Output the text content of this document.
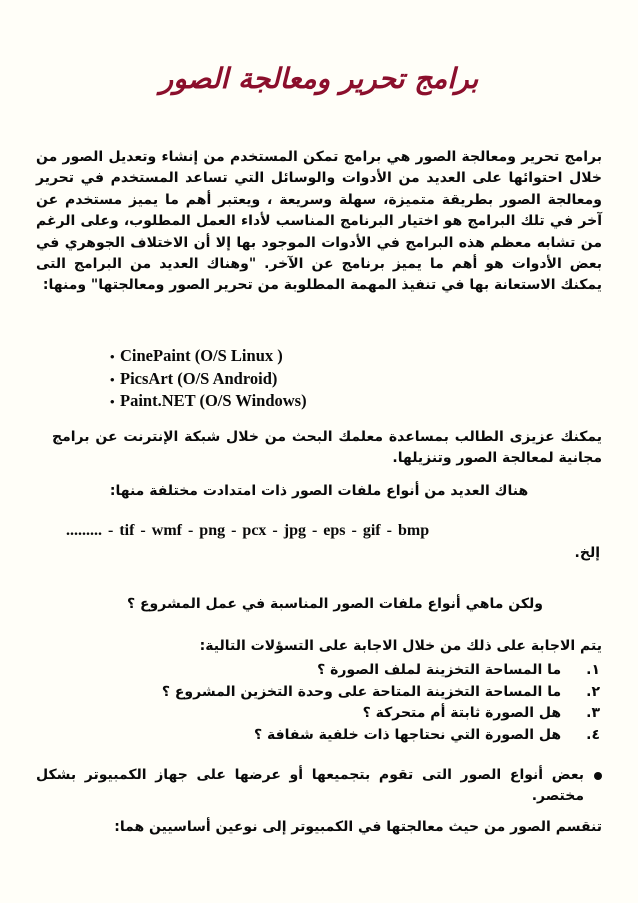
برامج تحرير ومعالجة الصور
برامج تحرير ومعالجة الصور هي برامج تمكن المستخدم من إنشاء وتعديل الصور من خلال احتوائها على العديد من الأدوات والوسائل التي تساعد المستخدم في تحرير ومعالجة الصور بطريقة متميزة، سهلة وسريعة ، ويعتبر أهم ما يميز مستخدم عن آخر في تلك البرامج هو اختيار البرنامج المناسب لأداء العمل المطلوب، وعلى الرغم من تشابه معظم هذه البرامج في الأدوات الموجود بها إلا أن الاختلاف الجوهري في بعض الأدوات هو أهم ما يميز برنامج عن الآخر. "وهناك العديد من البرامج التى يمكنك الاستعانة بها في تنفيذ المهمة المطلوبة من تحرير الصور ومعالجتها" ومنها:
• CinePaint (O/S Linux )
• PicsArt (O/S Android)
• Paint.NET (O/S Windows)
يمكنك عزيزى الطالب بمساعدة معلمك البحث من خلال شبكة الإنترنت عن برامج مجانية لمعالجة الصور وتنزيلها.
هناك العديد من أنواع ملفات الصور ذات امتدادت مختلفة منها:
......... - tif - wmf - png - pcx - jpg - eps - gif - bmp
إلخ.
ولكن ماهي أنواع ملفات الصور المناسبة في عمل المشروع ؟
يتم الاجابة على ذلك من خلال الاجابة على التسؤلات التالية:
١. ما المساحة التخزينة لملف الصورة ؟
٢. ما المساحة التخزينة المتاحة على وحدة التخزين المشروع ؟
٣. هل الصورة ثابتة أم متحركة ؟
٤. هل الصورة التي نحتاجها ذات خلفية شفافة ؟
بعض أنواع الصور التى تقوم بتجميعها أو عرضها على جهاز الكمبيوتر بشكل مختصر.
تنقسم الصور من حيث معالجتها في الكمبيوتر إلى نوعين أساسيين هما:
